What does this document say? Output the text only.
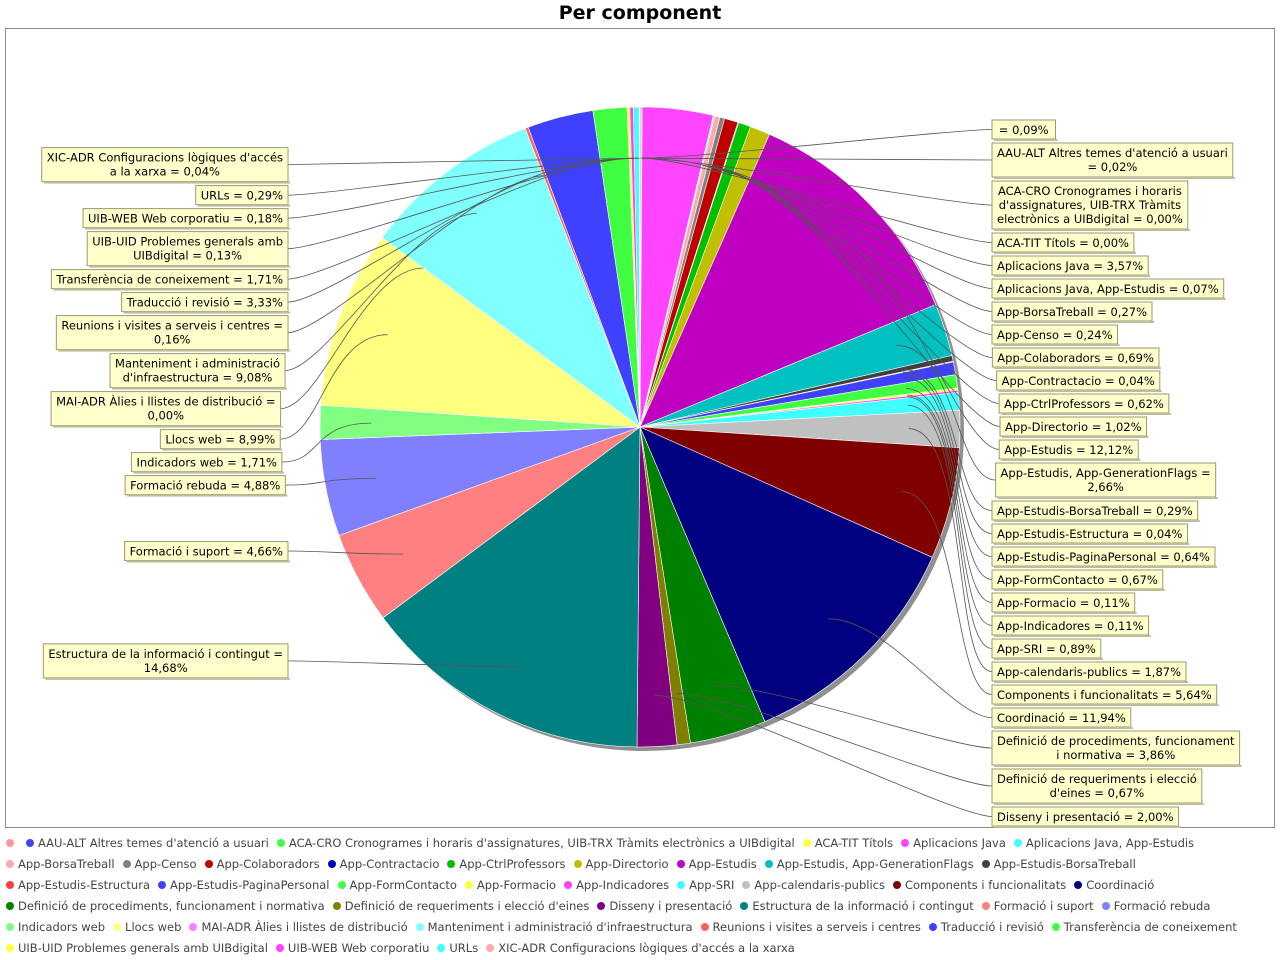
Per component
= 0,09%
AAU-ALT Altres temes d'atenció a usuari
= 0,02%
ACA-CRO Cronogrames i horaris
d'assignatures, UIB-TRX Tràmits
electrònics a UIBdigital = 0,00%
ACA-TIT Títols = 0,00%
Aplicacions Java = 3,57%
Aplicacions Java, App-Estudis = 0,07%
App-BorsaTreball = 0,27%
App-Censo = 0,24%
App-Colaboradors = 0,69%
App-Contractacio = 0,04%
App-CtrlProfessors = 0,62%
App-Directorio = 1,02%
App-Estudis = 12,12%
App-Estudis, App-GenerationFlags =
2,66%
App-Estudis-BorsaTreball = 0,29%
App-Estudis-Estructura = 0,04%
App-Estudis-PaginaPersonal = 0,64%
App-FormContacto = 0,67%
App-Formacio = 0,11%
App-Indicadores = 0,11%
App-SRI = 0,89%
App-calendaris-publics = 1,87%
Components i funcionalitats = 5,64%
Coordinació = 11,94%
Definició de procediments, funcionament
i normativa = 3,86%
Definició de requeriments i elecció
d'eines = 0,67%
Disseny i presentació = 2,00%
XIC-ADR Configuracions lògiques d'accés
a la xarxa = 0,04%
URLs = 0,29%
UIB-WEB Web corporatiu = 0,18%
UIB-UID Problemes generals amb
UIBdigital = 0,13%
Transferència de coneixement = 1,71%
Traducció i revisió = 3,33%
Reunions i visites a serveis i centres =
0,16%
Manteniment i administració
d'infraestructura = 9,08%
MAI-ADR Àlies i llistes de distribució =
0,00%
Llocs web = 8,99%
Indicadors web = 1,71%
Formació rebuda = 4,88%
Formació i suport = 4,66%
Estructura de la informació i contingut =
14,68%
AAU-ALT Altres temes d'atenció a usuari ACA-CRO Cronogrames i horaris d'assignatures, UIB-TRX Tràmits electrònics a UIBdigital ACA-TIT Títols Aplicacions Java Aplicacions Java, App-EstudisApp-BorsaTreball App-Censo App-Colaboradors App-Contractacio App-CtrlProfessors App-Directorio App-Estudis App-Estudis, App-GenerationFlags App-Estudis-BorsaTreballApp-Estudis-Estructura App-Estudis-PaginaPersonal App-FormContacto App-Formacio App-Indicadores App-SRI App-calendaris-publics Components i funcionalitats CoordinacióDefinició de procediments, funcionament i normativa Definició de requeriments i elecció d'eines Disseny i presentació Estructura de la informació i contingut Formació i suport Formació rebudaIndicadors web Llocs web MAI-ADR Àlies i llistes de distribució Manteniment i administració d'infraestructura Reunions i visites a serveis i centres Traducció i revisió Transferència de coneixementUIB-UID Problemes generals amb UIBdigital UIB-WEB Web corporatiu URLs XIC-ADR Configuracions lògiques d'accés a la xarxa
